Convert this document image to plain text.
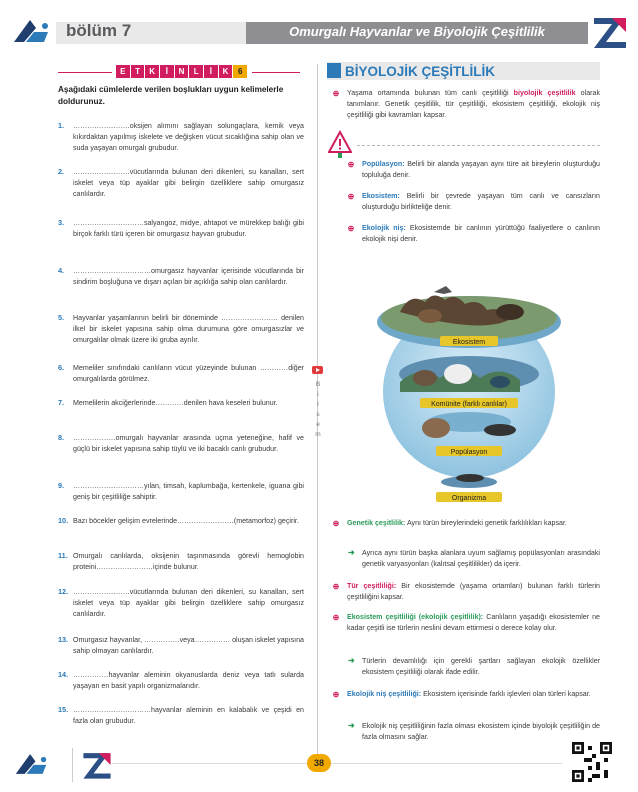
bölüm 7	Omurgalı Hayvanlar ve Biyolojik Çeşitlilik
E	T	K	İ	N	L	İ	K	6
Aşağıdaki cümlelerde verilen boşlukları uygun kelimelerle doldurunuz.
1. ……………………oksijen alımını sağlayan solungaçlara, kemik veya kıkırdaktan yapılmış iskelete ve değişken vücut sıcaklığına sahip olan ve suda yaşayan omurgalı grubudur.
2. ……………………vücutlarında bulunan deri dikenleri, su kanalları, sert iskelet veya tüp ayaklar gibi belirgin özelliklere sahip omurgasız canlılardır.
3. …………………………salyangoz, midye, ahtapot ve mürekkep balığı gibi birçok farklı türü içeren bir omurgasız hayvan grubudur.
4. ……………………………omurgasız hayvanlar içerisinde vücutlarında bir sindirim boşluğuna ve dışarı açılan bir açıklığa sahip olan canlılardır.
5. Hayvanlar yaşamlarının belirli bir döneminde …………………… denilen ilkel bir iskelet yapısına sahip olma durumuna göre omurgasızlar ve omurgalılar olmak üzere iki gruba ayrılır.
6. Memeliler sınıfındaki canlıların vücut yüzeyinde bulunan …………diğer omurgalılarda görülmez.
7. Memelilerin akciğerlerinde…………denilen hava keseleri bulunur.
8. ………………omurgalı hayvanlar arasında uçma yeteneğine, hafif ve güçlü bir iskelet yapısına sahip tüylü ve iki bacaklı canlı grubudur.
9. …………………………yılan, timsah, kaplumbağa, kertenkele, iguana gibi geniş bir çeşitliliğe sahiptir.
10. Bazı böcekler gelişim evrelerinde……………………(metamorfoz) geçirir.
11. Omurgalı canlılarda, oksijenin taşınmasında görevli hemoglobin proteini……………………içinde bulunur.
12. ……………………vücutlarında bulunan deri dikenleri, su kanalları, sert iskelet veya tüp ayaklar gibi belirgin özelliklere sahip omurgasız canlılardır.
13. Omurgasız hayvanlar, ……………veya…………… oluşan iskelet yapısına sahip olmayan canlılardır.
14. ……………hayvanlar aleminin okyanuslarda deniz veya tatlı sularda yaşayan en basit yapılı organizmalarıdır.
15. ……………………………hayvanlar aleminin en kalabalık ve çeşidi en fazla olan grubudur.
B
i
l
s
e
m
BİYOLOJİK ÇEŞİTLİLİK
⊕ Yaşama ortamında bulunan tüm canlı çeşitliliği biyolojik çeşitlilik olarak tanımlanır. Genetik çeşitlilik, tür çeşitliliği, ekosistem çeşitliliği, ekolojik niş çeşitliliği gibi kavramları kapsar.
⊕ Popülasyon: Belirli bir alanda yaşayan aynı türe ait bireylerin oluşturduğu topluluğa denir.
⊕ Ekosistem: Belirli bir çevrede yaşayan tüm canlı ve cansızların oluşturduğu birlikteliğe denir.
⊕ Ekolojik niş: Ekosistemde bir canlının yürüttüğü faaliyetlere o canlının ekolojik nişi denir.
Ekosistem
Komünite (farklı canlılar)
Popülasyon
Organizma
⊕ Genetik çeşitlilik: Aynı türün bireylerindeki genetik farklılıkları kapsar.
➜ Ayrıca aynı türün başka alanlara uyum sağlamış popülasyonları arasındaki genetik varyasyonları (kalıtsal çeşitlilikler) da içerir.
⊕ Tür çeşitliliği: Bir ekosistemde (yaşama ortamları) bulunan farklı türlerin çeşitliliğini kapsar.
⊕ Ekosistem çeşitliliği (ekolojik çeşitlilik): Canlıların yaşadığı ekosistemler ne kadar çeşitli ise türlerin neslini devam ettirmesi o derece kolay olur.
➜ Türlerin devamlılığı için gerekli şartları sağlayan ekolojik özellikler ekosistem çeşitliliği olarak ifade edilir.
⊕ Ekolojik niş çeşitliliği: Ekosistem içerisinde farklı işlevleri olan türleri kapsar.
➜ Ekolojik niş çeşitliliğinin fazla olması ekosistem içinde biyolojik çeşitliliğin de fazla olmasını sağlar.
38
